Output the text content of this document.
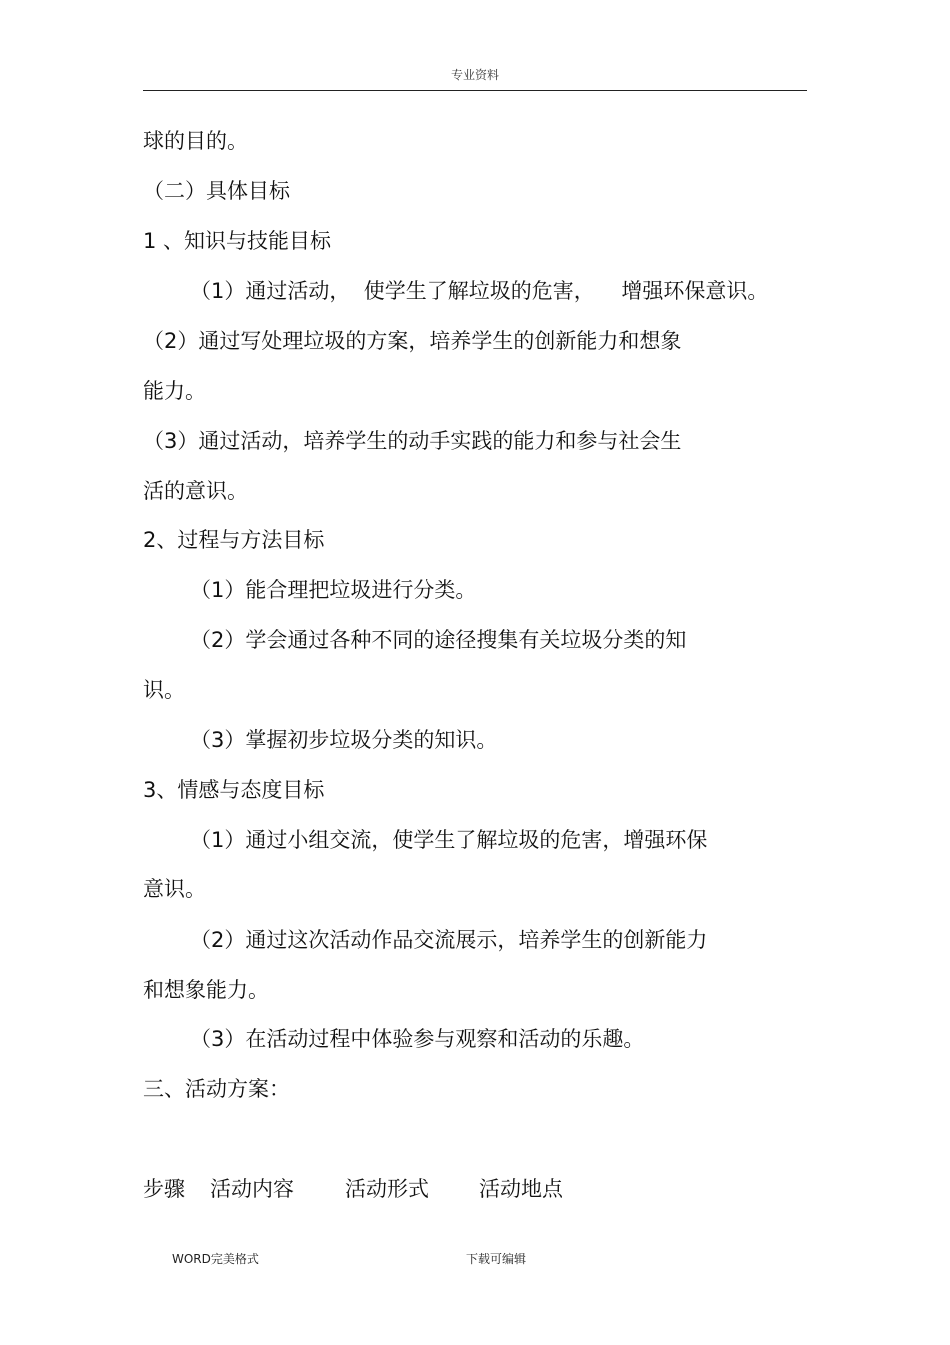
专业资料
球的目的。
（二）具体目标
1 、知识与技能目标
（1）通过活动，  使学生了解垃圾的危害，    增强环保意识。
（2）通过写处理垃圾的方案，培养学生的创新能力和想象
能力。
（3）通过活动，培养学生的动手实践的能力和参与社会生
活的意识。
2、过程与方法目标
（1）能合理把垃圾进行分类。
（2）学会通过各种不同的途径搜集有关垃圾分类的知
识。
（3）掌握初步垃圾分类的知识。
3、情感与态度目标
（1）通过小组交流，使学生了解垃圾的危害，增强环保
意识。
（2）通过这次活动作品交流展示，培养学生的创新能力
和想象能力。
（3）在活动过程中体验参与观察和活动的乐趣。
三、活动方案：
步骤 活动内容 活动形式 活动地点
WORD完美格式	下载可编辑
